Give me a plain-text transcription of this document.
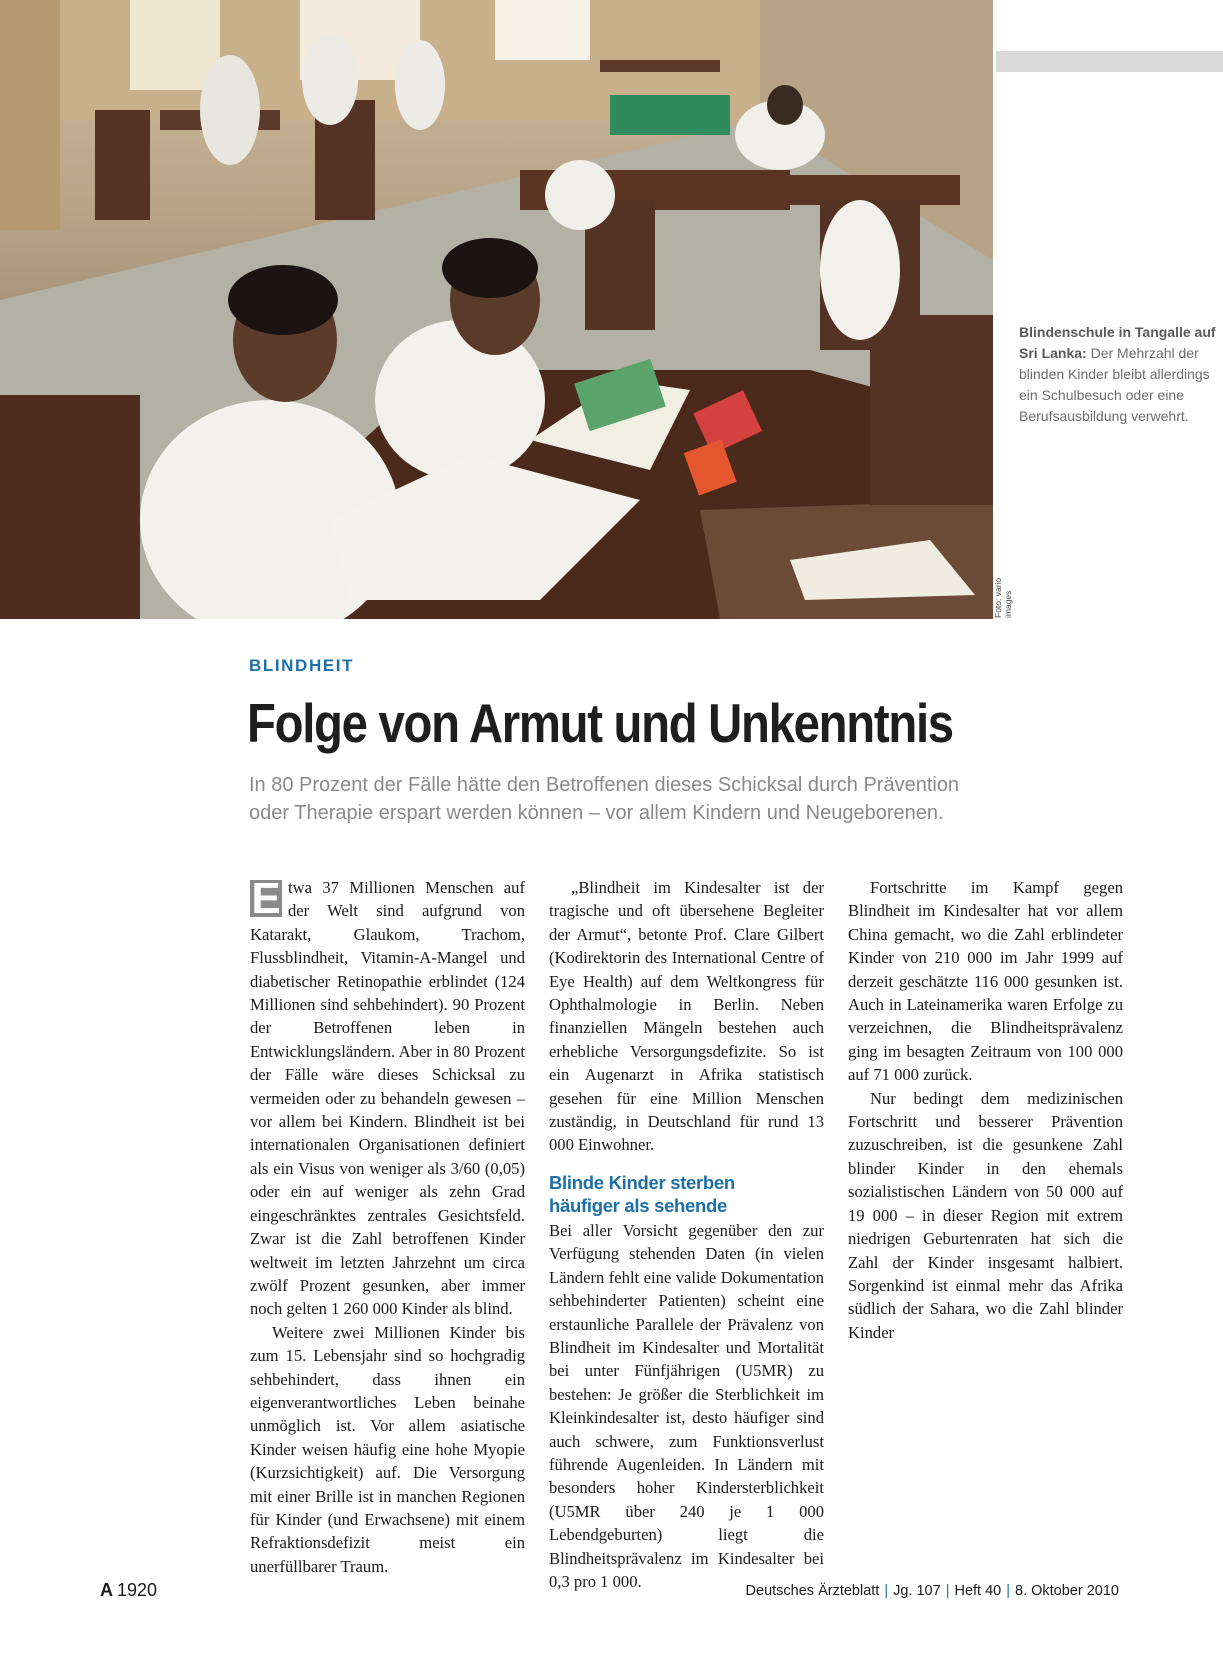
Blindenschule in Tangalle auf Sri Lanka: Der Mehrzahl der blinden Kinder bleibt allerdings ein Schulbesuch oder eine Berufsausbildung verwehrt.
Foto: vario images
BLINDHEIT
Folge von Armut und Unkenntnis
In 80 Prozent der Fälle hätte den Betroffenen dieses Schicksal durch Prävention
oder Therapie erspart werden können – vor allem Kindern und Neugeborenen.

E twa 37 Millionen Menschen auf der Welt sind aufgrund von Katarakt, Glaukom, Trachom, Flussblindheit, Vitamin-A-Mangel und diabetischer Retinopathie erblindet (124 Millionen sind sehbehindert). 90 Prozent der Betroffenen leben in Entwicklungsländern. Aber in 80 Prozent der Fälle wäre dieses Schicksal zu vermeiden oder zu behandeln gewesen – vor allem bei Kindern. Blindheit ist bei internationalen Organisationen definiert als ein Visus von weniger als 3/60 (0,05) oder ein auf weniger als zehn Grad eingeschränktes zentrales Gesichtsfeld. Zwar ist die Zahl betroffenen Kinder weltweit im letzten Jahrzehnt um circa zwölf Prozent gesunken, aber immer noch gelten 1 260 000 Kinder als blind.

Weitere zwei Millionen Kinder bis zum 15. Lebensjahr sind so hochgradig sehbehindert, dass ihnen ein eigenverantwortliches Leben beinahe unmöglich ist. Vor allem asiatische Kinder weisen häufig eine hohe Myopie (Kurzsichtigkeit) auf. Die Versorgung mit einer Brille ist in manchen Regionen für Kinder (und Erwachsene) mit einem Refraktionsdefizit meist ein unerfüllbarer Traum.

„Blindheit im Kindesalter ist der tragische und oft übersehene Begleiter der Armut“, betonte Prof. Clare Gilbert (Kodirektorin des International Centre of Eye Health) auf dem Weltkongress für Ophthalmologie in Berlin. Neben finanziellen Mängeln bestehen auch erhebliche Versorgungsdefizite. So ist ein Augenarzt in Afrika statistisch gesehen für eine Million Menschen zuständig, in Deutschland für rund 13 000 Einwohner.

Blinde Kinder sterben
häufiger als sehende

Bei aller Vorsicht gegenüber den zur Verfügung stehenden Daten (in vielen Ländern fehlt eine valide Dokumentation sehbehinderter Patienten) scheint eine erstaunliche Parallele der Prävalenz von Blindheit im Kindesalter und Mortalität bei unter Fünfjährigen (U5MR) zu bestehen: Je größer die Sterblichkeit im Kleinkindesalter ist, desto häufiger sind auch schwere, zum Funktionsverlust führende Augenleiden. In Ländern mit besonders hoher Kindersterblichkeit (U5MR über 240 je 1 000 Lebendgeburten) liegt die Blindheitsprävalenz im Kindesalter bei 0,3 pro 1 000.

Fortschritte im Kampf gegen Blindheit im Kindesalter hat vor allem China gemacht, wo die Zahl erblindeter Kinder von 210 000 im Jahr 1999 auf derzeit geschätzte 116 000 gesunken ist. Auch in Lateinamerika waren Erfolge zu verzeichnen, die Blindheitsprävalenz ging im besagten Zeitraum von 100 000 auf 71 000 zurück.

Nur bedingt dem medizinischen Fortschritt und besserer Prävention zuzuschreiben, ist die gesunkene Zahl blinder Kinder in den ehemals sozialistischen Ländern von 50 000 auf 19 000 – in dieser Region mit extrem niedrigen Geburtenraten hat sich die Zahl der Kinder insgesamt halbiert. Sorgenkind ist einmal mehr das Afrika südlich der Sahara, wo die Zahl blinder Kinder

A 1920	Deutsches Ärzteblatt | Jg. 107 | Heft 40 | 8. Oktober 2010
